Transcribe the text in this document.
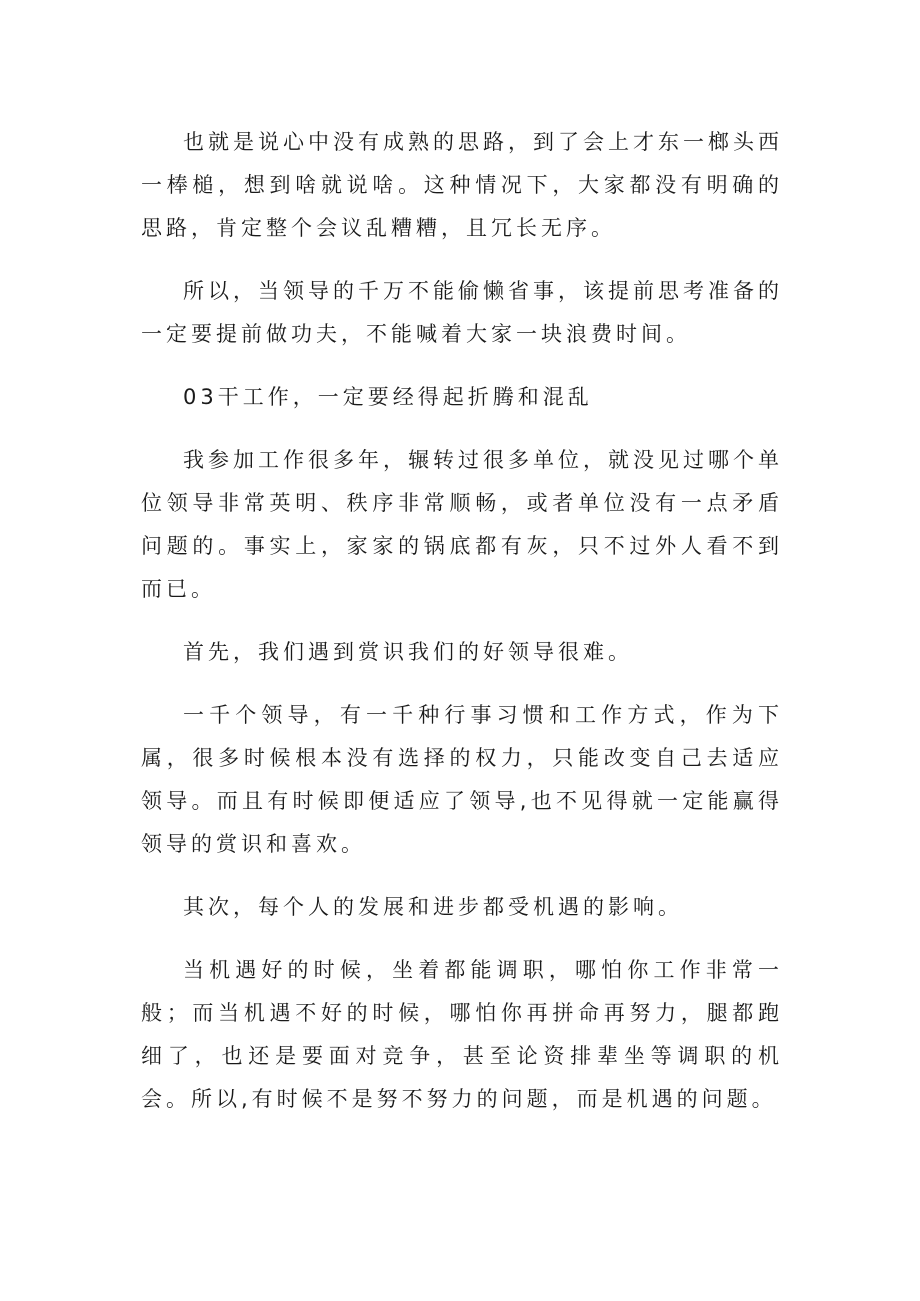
也就是说心中没有成熟的思路，到了会上才东一榔头西一棒槌，想到啥就说啥。这种情况下，大家都没有明确的思路，肯定整个会议乱糟糟，且冗长无序。

所以，当领导的千万不能偷懒省事，该提前思考准备的一定要提前做功夫，不能喊着大家一块浪费时间。

03干工作，一定要经得起折腾和混乱

我参加工作很多年，辗转过很多单位，就没见过哪个单位领导非常英明、秩序非常顺畅，或者单位没有一点矛盾问题的。事实上，家家的锅底都有灰，只不过外人看不到而已。

首先，我们遇到赏识我们的好领导很难。

一千个领导，有一千种行事习惯和工作方式，作为下属，很多时候根本没有选择的权力，只能改变自己去适应领导。而且有时候即便适应了领导,也不见得就一定能赢得领导的赏识和喜欢。

其次，每个人的发展和进步都受机遇的影响。

当机遇好的时候，坐着都能调职，哪怕你工作非常一般；而当机遇不好的时候，哪怕你再拼命再努力，腿都跑细了，也还是要面对竞争，甚至论资排辈坐等调职的机会。所以,有时候不是努不努力的问题，而是机遇的问题。
